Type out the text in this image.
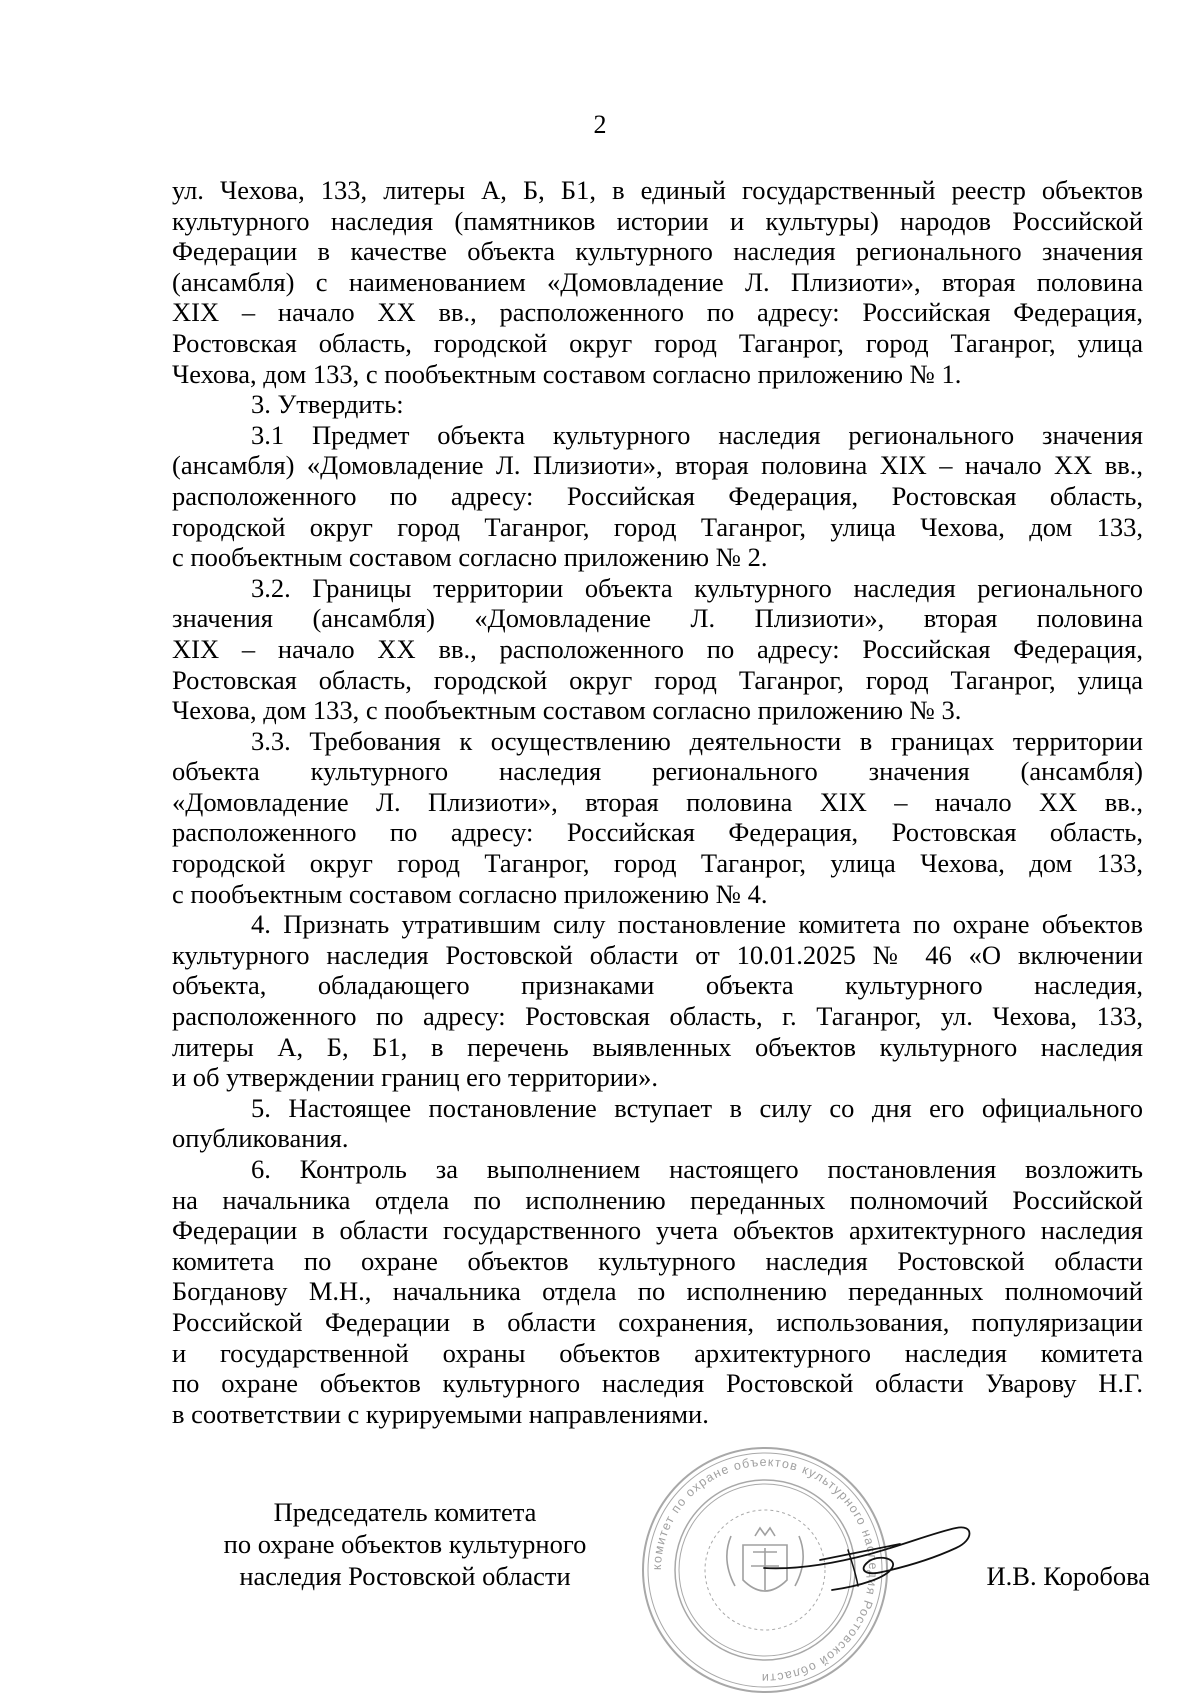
2
ул. Чехова, 133, литеры А, Б, Б1, в единый государственный реестр объектов
культурного наследия (памятников истории и культуры) народов Российской
Федерации в качестве объекта культурного наследия регионального значения
(ансамбля) с наименованием «Домовладение Л. Плизиоти», вторая половина
XIX – начало XX вв., расположенного по адресу: Российская Федерация,
Ростовская область, городской округ город Таганрог, город Таганрог, улица
Чехова, дом 133, с пообъектным составом согласно приложению № 1.
3. Утвердить:
3.1 Предмет объекта культурного наследия регионального значения
(ансамбля) «Домовладение Л. Плизиоти», вторая половина XIX – начало XX вв.,
расположенного по адресу: Российская Федерация, Ростовская область,
городской округ город Таганрог, город Таганрог, улица Чехова, дом 133,
с пообъектным составом согласно приложению № 2.
3.2. Границы территории объекта культурного наследия регионального
значения (ансамбля) «Домовладение Л. Плизиоти», вторая половина
XIX – начало XX вв., расположенного по адресу: Российская Федерация,
Ростовская область, городской округ город Таганрог, город Таганрог, улица
Чехова, дом 133, с пообъектным составом согласно приложению № 3.
3.3. Требования к осуществлению деятельности в границах территории
объекта культурного наследия регионального значения (ансамбля)
«Домовладение Л. Плизиоти», вторая половина XIX – начало XX вв.,
расположенного по адресу: Российская Федерация, Ростовская область,
городской округ город Таганрог, город Таганрог, улица Чехова, дом 133,
с пообъектным составом согласно приложению № 4.
4. Признать утратившим силу постановление комитета по охране объектов
культурного наследия Ростовской области от 10.01.2025 № 46 «О включении
объекта, обладающего признаками объекта культурного наследия,
расположенного по адресу: Ростовская область, г. Таганрог, ул. Чехова, 133,
литеры А, Б, Б1, в перечень выявленных объектов культурного наследия
и об утверждении границ его территории».
5. Настоящее постановление вступает в силу со дня его официального
опубликования.
6. Контроль за выполнением настоящего постановления возложить
на начальника отдела по исполнению переданных полномочий Российской
Федерации в области государственного учета объектов архитектурного наследия
комитета по охране объектов культурного наследия Ростовской области
Богданову М.Н., начальника отдела по исполнению переданных полномочий
Российской Федерации в области сохранения, использования, популяризации
и государственной охраны объектов архитектурного наследия комитета
по охране объектов культурного наследия Ростовской области Уварову Н.Г.
в соответствии с курируемыми направлениями.
Председатель комитета
по охране объектов культурного
наследия Ростовской области	комитет по охране объектов культурного наследия Ростовской области
И.В. Коробова
